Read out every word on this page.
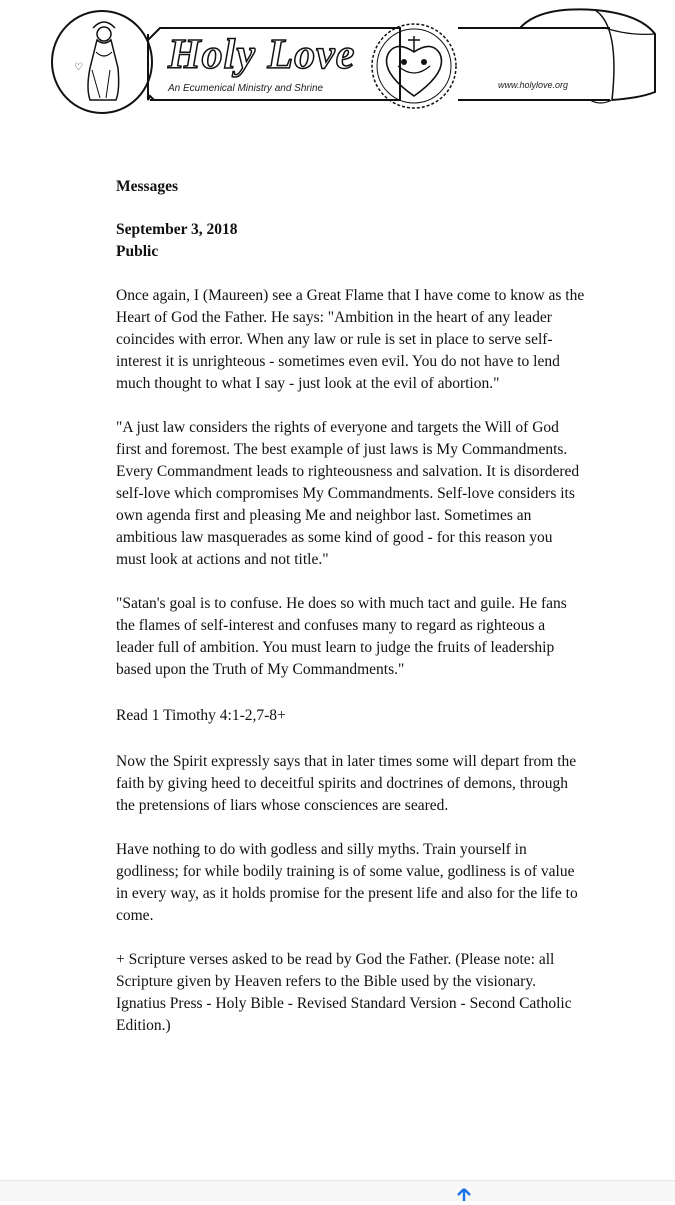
♡ Holy Love
An Ecumenical Ministry and Shrine	www.holylove.org
Messages
September 3, 2018
Public

Once again, I (Maureen) see a Great Flame that I have come to know as the Heart of God the Father. He says: "Ambition in the heart of any leader coincides with error. When any law or rule is set in place to serve self-interest it is unrighteous - sometimes even evil. You do not have to lend much thought to what I say - just look at the evil of abortion."

"A just law considers the rights of everyone and targets the Will of God first and foremost. The best example of just laws is My Commandments. Every Commandment leads to righteousness and salvation. It is disordered self-love which compromises My Commandments. Self-love considers its own agenda first and pleasing Me and neighbor last. Sometimes an ambitious law masquerades as some kind of good - for this reason you must look at actions and not title."

"Satan's goal is to confuse. He does so with much tact and guile. He fans the flames of self-interest and confuses many to regard as righteous a leader full of ambition. You must learn to judge the fruits of leadership based upon the Truth of My Commandments."

Read 1 Timothy 4:1-2,7-8+

Now the Spirit expressly says that in later times some will depart from the faith by giving heed to deceitful spirits and doctrines of demons, through the pretensions of liars whose consciences are seared.

Have nothing to do with godless and silly myths. Train yourself in godliness; for while bodily training is of some value, godliness is of value in every way, as it holds promise for the present life and also for the life to come.

+ Scripture verses asked to be read by God the Father. (Please note: all Scripture given by Heaven refers to the Bible used by the visionary. Ignatius Press - Holy Bible - Revised Standard Version - Second Catholic Edition.)
